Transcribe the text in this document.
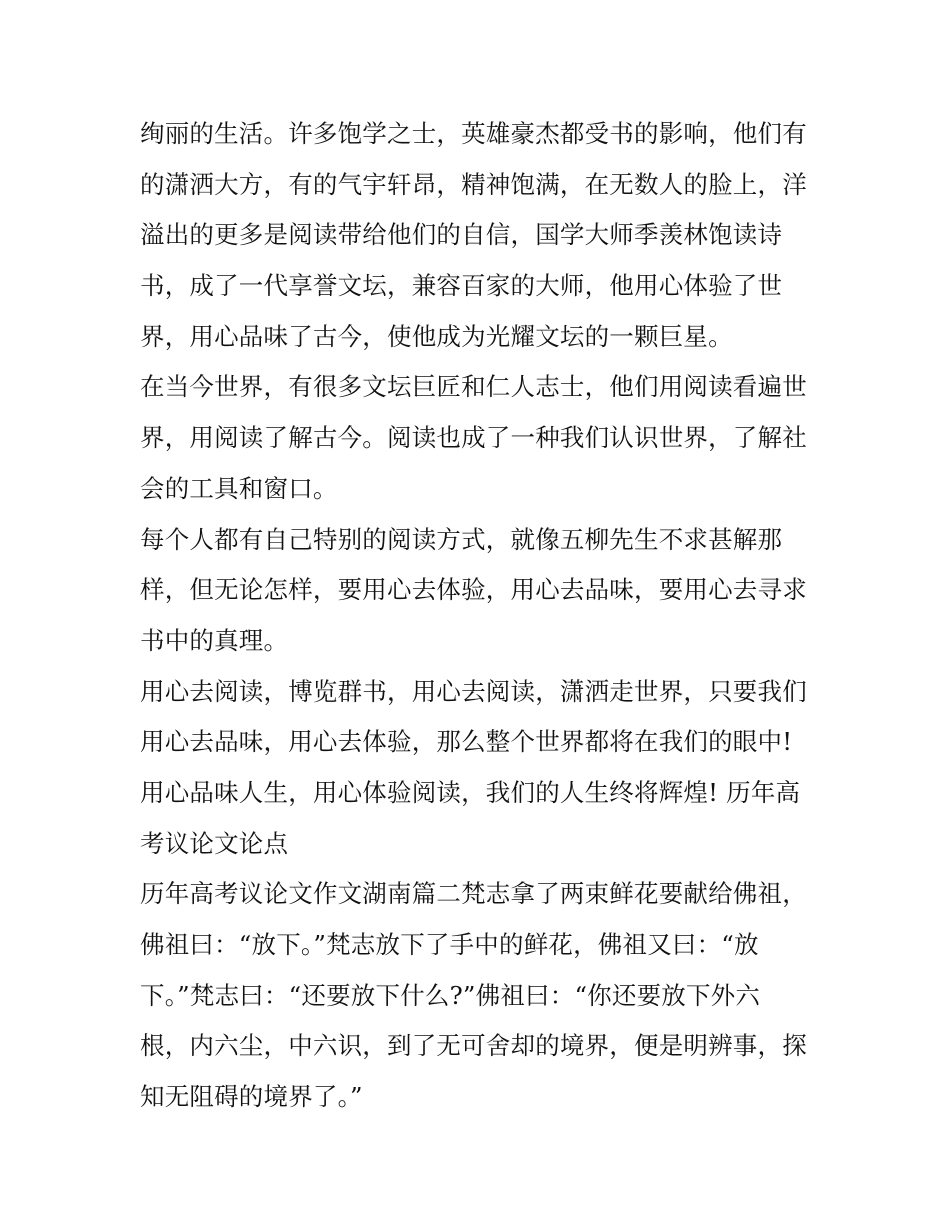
绚丽的生活。许多饱学之士，英雄豪杰都受书的影响，他们有
的潇洒大方，有的气宇轩昂，精神饱满，在无数人的脸上，洋
溢出的更多是阅读带给他们的自信，国学大师季羡林饱读诗
书，成了一代享誉文坛，兼容百家的大师，他用心体验了世
界，用心品味了古今，使他成为光耀文坛的一颗巨星。
在当今世界，有很多文坛巨匠和仁人志士，他们用阅读看遍世
界，用阅读了解古今。阅读也成了一种我们认识世界，了解社
会的工具和窗口。
每个人都有自己特别的阅读方式，就像五柳先生不求甚解那
样，但无论怎样，要用心去体验，用心去品味，要用心去寻求
书中的真理。
用心去阅读，博览群书，用心去阅读，潇洒走世界，只要我们
用心去品味，用心去体验，那么整个世界都将在我们的眼中!
用心品味人生，用心体验阅读，我们的人生终将辉煌! 历年高
考议论文论点
历年高考议论文作文湖南篇二梵志拿了两束鲜花要献给佛祖，
佛祖曰：“放下。”梵志放下了手中的鲜花，佛祖又曰：“放
下。”梵志曰：“还要放下什么?”佛祖曰：“你还要放下外六
根，内六尘，中六识，到了无可舍却的境界，便是明辨事，探
知无阻碍的境界了。”
